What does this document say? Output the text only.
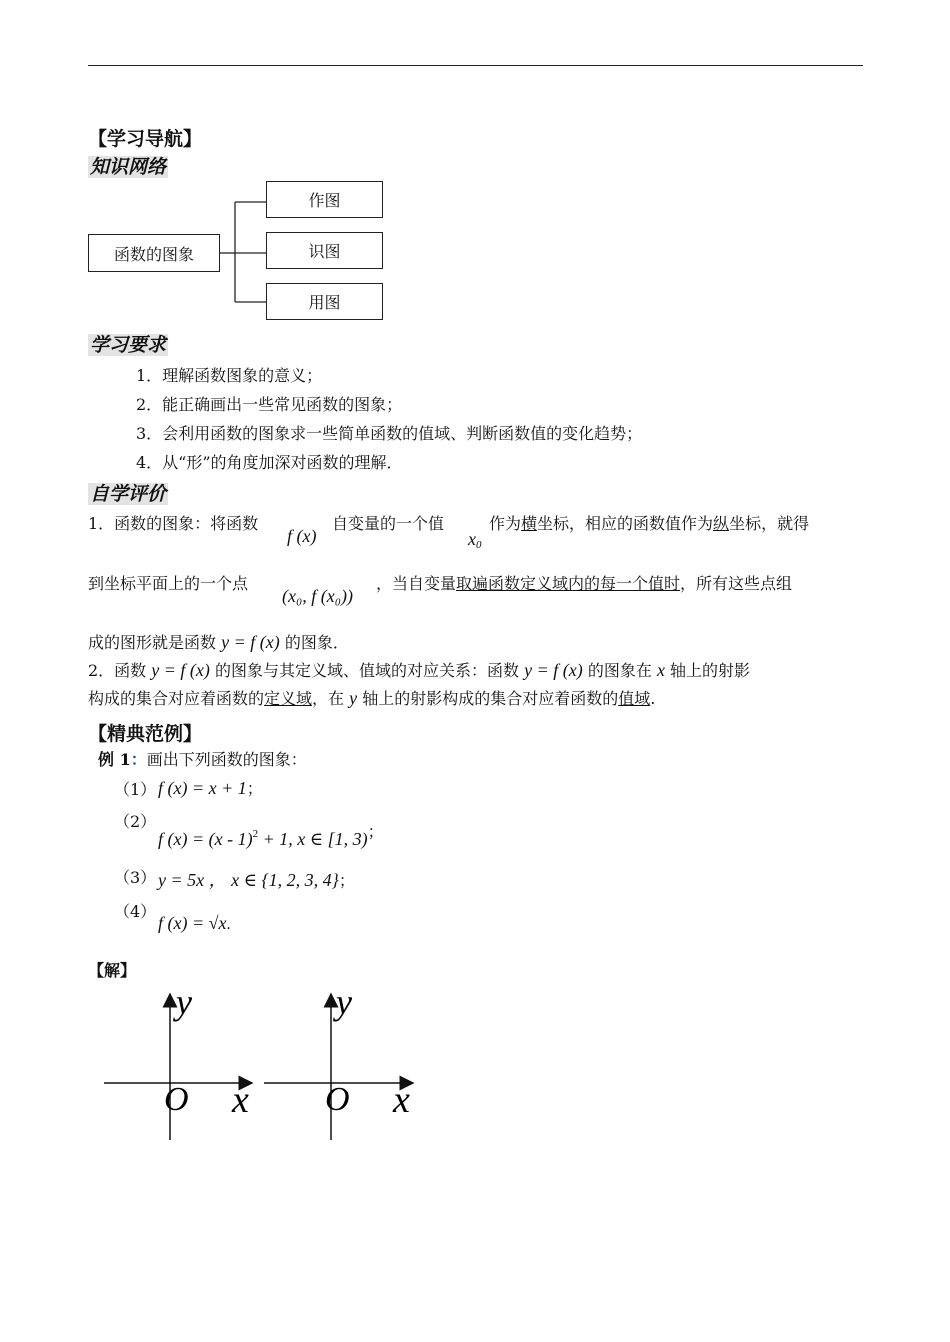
【学习导航】
知识网络
函数的图象
作图
识图
用图
学习要求
1．理解函数图象的意义；
2．能正确画出一些常见函数的图象；
3．会利用函数的图象求一些简单函数的值域、判断函数值的变化趋势；
4．从“形”的角度加深对函数的理解．
自学评价
1．函数的图象：将函数
f (x)
自变量的一个值
$x_0$
作为横坐标，相应的函数值作为纵坐标，就得
到坐标平面上的一个点
(x₀, f (x₀))
，当自变量取遍函数定义域内的每一个值时，所有这些点组
成的图形就是函数 y = f (x) 的图象．
2．函数 y = f (x) 的图象与其定义域、值域的对应关系：函数 y = f (x) 的图象在 x 轴上的射影
构成的集合对应着函数的定义域，在 y 轴上的射影构成的集合对应着函数的值域.
【精典范例】
例 1：画出下列函数的图象：
（1） f (x) = x + 1；
（2）
f (x) = (x - 1)$^2$ + 1, x ∈ [1, 3)；
（3） y = 5x ， x ∈ {1, 2, 3, 4}；
（4）
f (x) = √x.
【解】
y
O x
y
O x
